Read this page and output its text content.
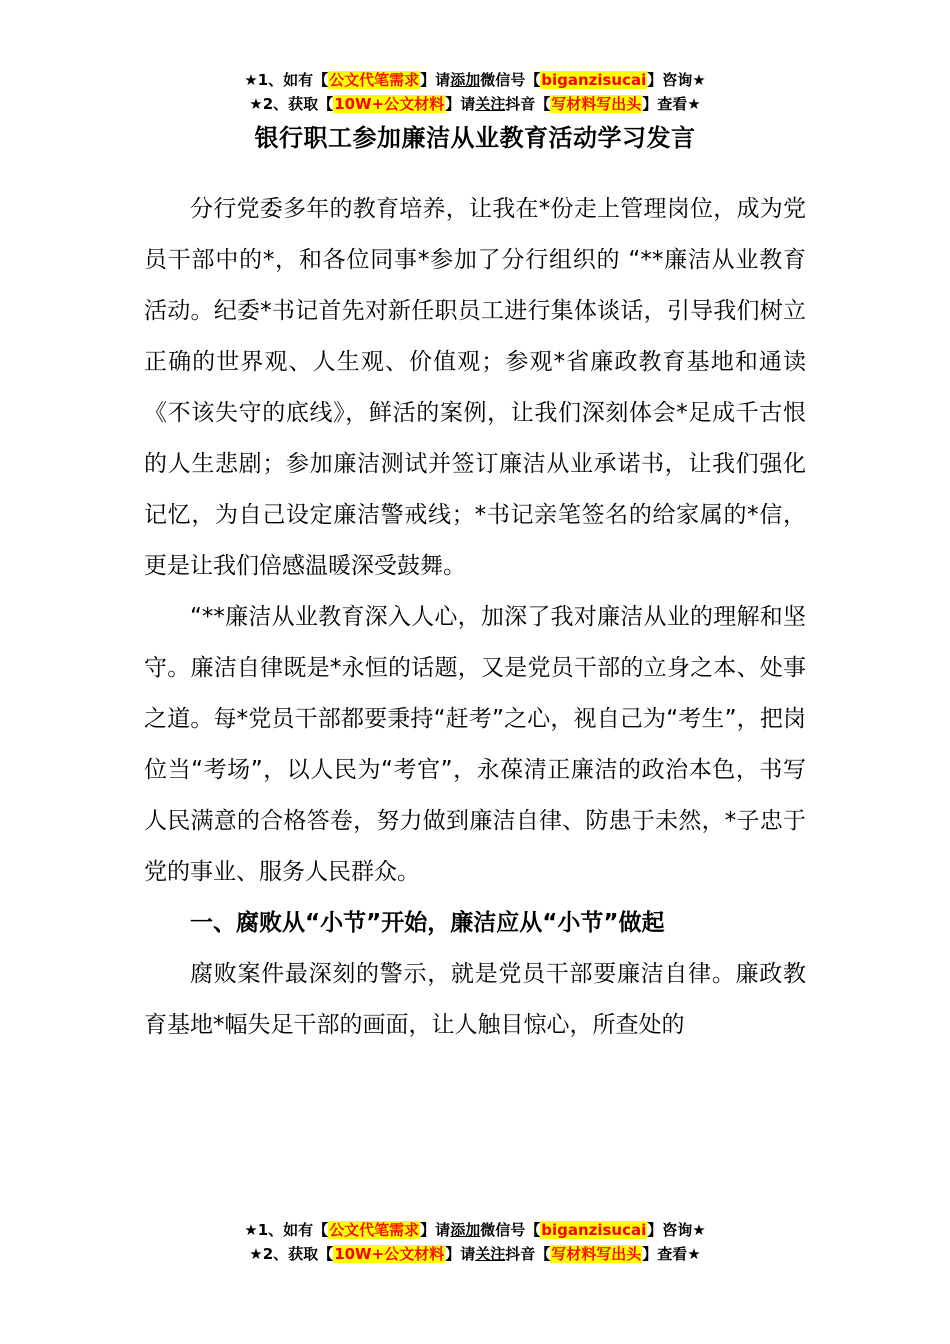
★1、如有【公文代笔需求】请添加微信号【biganzisucai】咨询★
★2、获取【10W+公文材料】请关注抖音【写材料写出头】查看★
银行职工参加廉洁从业教育活动学习发言

分行党委多年的教育培养，让我在*份走上管理岗位，成为党员干部中的*，和各位同事*参加了分行组织的 “**廉洁从业教育活动。纪委*书记首先对新任职员工进行集体谈话，引导我们树立正确的世界观、人生观、价值观；参观*省廉政教育基地和通读《不该失守的底线》，鲜活的案例，让我们深刻体会*足成千古恨的人生悲剧；参加廉洁测试并签订廉洁从业承诺书，让我们强化记忆，为自己设定廉洁警戒线；*书记亲笔签名的给家属的*信，更是让我们倍感温暖深受鼓舞。

“**廉洁从业教育深入人心，加深了我对廉洁从业的理解和坚守。廉洁自律既是*永恒的话题，又是党员干部的立身之本、处事之道。每*党员干部都要秉持“赶考”之心，视自己为“考生”，把岗位当“考场”，以人民为“考官”，永葆清正廉洁的政治本色，书写人民满意的合格答卷，努力做到廉洁自律、防患于未然，*子忠于党的事业、服务人民群众。

一、腐败从“小节”开始，廉洁应从“小节”做起

腐败案件最深刻的警示，就是党员干部要廉洁自律。廉政教育基地*幅失足干部的画面，让人触目惊心，所查处的

★1、如有【公文代笔需求】请添加微信号【biganzisucai】咨询★
★2、获取【10W+公文材料】请关注抖音【写材料写出头】查看★
